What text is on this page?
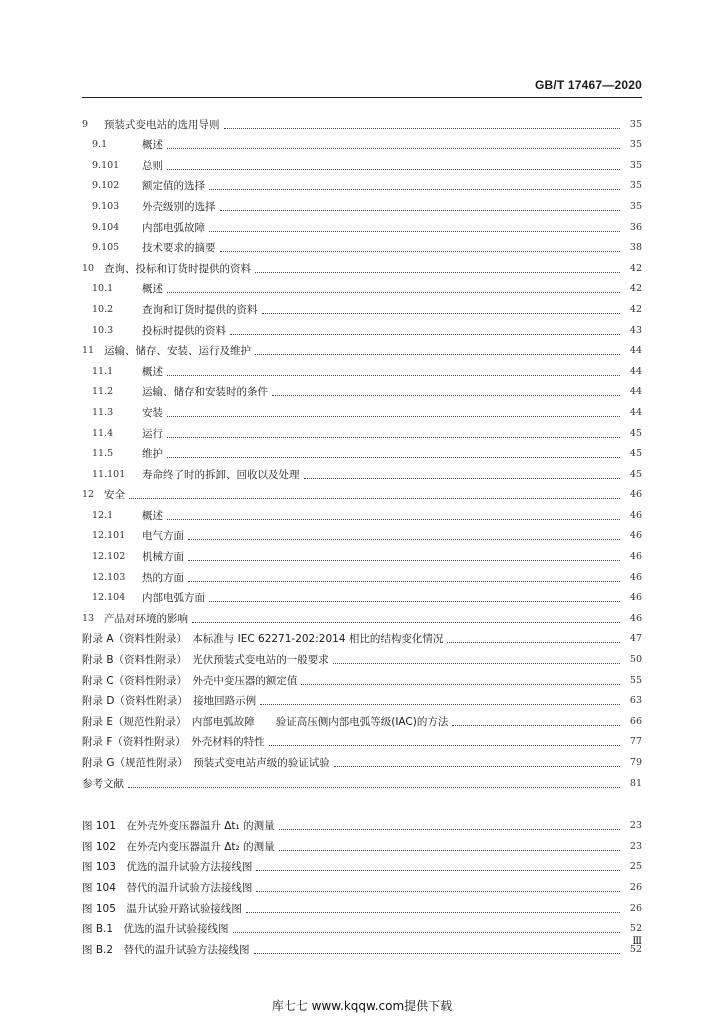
GB/T 17467—2020
9	预装式变电站的选用导则	35
9.1	概述	35
9.101	总则	35
9.102	额定值的选择	35
9.103	外壳级别的选择	35
9.104	内部电弧故障	36
9.105	技术要求的摘要	38
10 查询、投标和订货时提供的资料	42
10.1	概述	42
10.2	查询和订货时提供的资料	42
10.3	投标时提供的资料	43
11 运输、储存、安装、运行及维护	44
11.1	概述	44
11.2	运输、储存和安装时的条件	44
11.3	安装	44
11.4	运行	45
11.5	维护	45
11.101	寿命终了时的拆卸、回收以及处理	45
12 安全	46
12.1	概述	46
12.101	电气方面	46
12.102	机械方面	46
12.103	热的方面	46
12.104	内部电弧方面	46
13 产品对环境的影响	46
附录 A（资料性附录）　本标准与 IEC 62271-202:2014 相比的结构变化情况	47
附录 B（资料性附录）　光伏预装式变电站的一般要求	50
附录 C（资料性附录）　外壳中变压器的额定值	55
附录 D（资料性附录）　接地回路示例	63
附录 E（规范性附录）　内部电弧故障　　验证高压侧内部电弧等级(IAC)的方法	66
附录 F（资料性附录）　外壳材料的特性	77
附录 G（规范性附录）　预装式变电站声级的验证试验	79
参考文献	81
图 101　在外壳外变压器温升 Δt₁ 的测量	23
图 102　在外壳内变压器温升 Δt₂ 的测量	23
图 103　优选的温升试验方法接线图	25
图 104　替代的温升试验方法接线图	26
图 105　温升试验开路试验接线图	26
图 B.1　优选的温升试验接线图	52
图 B.2　替代的温升试验方法接线图	52
Ⅲ
库七七 www.kqqw.com提供下载
